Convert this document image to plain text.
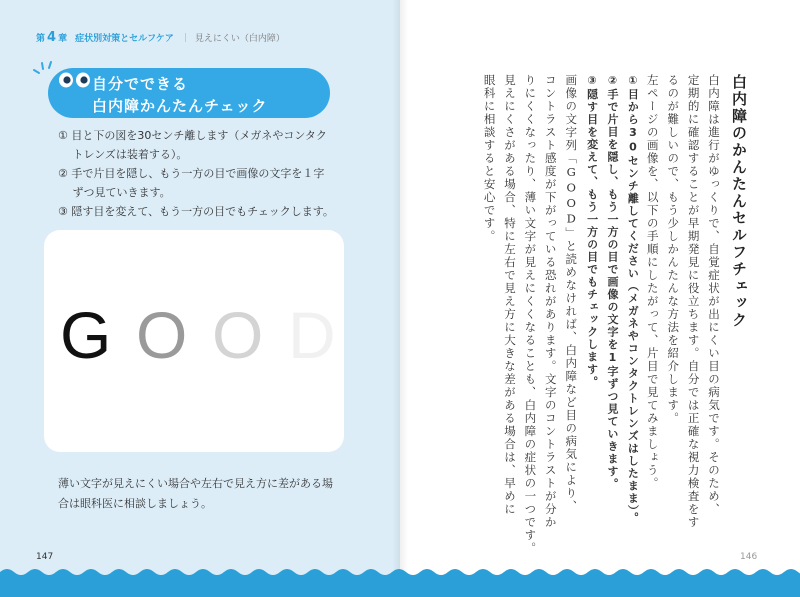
第 4 章 症状別対策とセルフケア | 見えにくい（白内障）
自分でできる
白内障かんたんチェック

① 目と下の図を30センチ離します（メガネやコンタク

　 トレンズは装着する）。

② 手で片目を隠し、もう一方の目で画像の文字を１字

　 ずつ見ていきます。

③ 隠す目を変えて、もう一方の目でもチェックします。

G O O D
薄い文字が見えにくい場合や左右で見え方に差がある場
合は眼科医に相談しましょう。
147	146
白内障のかんたんセルフチェック
白内障は進行がゆっくりで、自覚症状が出にくい目の病気です。そのため、
定期的に確認することが早期発見に役立ちます。自分では正確な視力検査をす
るのが難しいので、もう少しかんたんな方法を紹介します。
左ページの画像を、以下の手順にしたがって、片目で見てみましょう。
①目から30センチ離してください（メガネやコンタクトレンズはしたまま）。
②手で片目を隠し、もう一方の目で画像の文字を1字ずつ見ていきます。
③隠す目を変えて、もう一方の目でもチェックします。
画像の文字列「GOOD」と読めなければ、白内障など目の病気により、
コントラスト感度が下がっている恐れがあります。文字のコントラストが分か
りにくくなったり、薄い文字が見えにくくなることも、白内障の症状の一つです。
見えにくさがある場合、特に左右で見え方に大きな差がある場合は、早めに
眼科に相談すると安心です。
